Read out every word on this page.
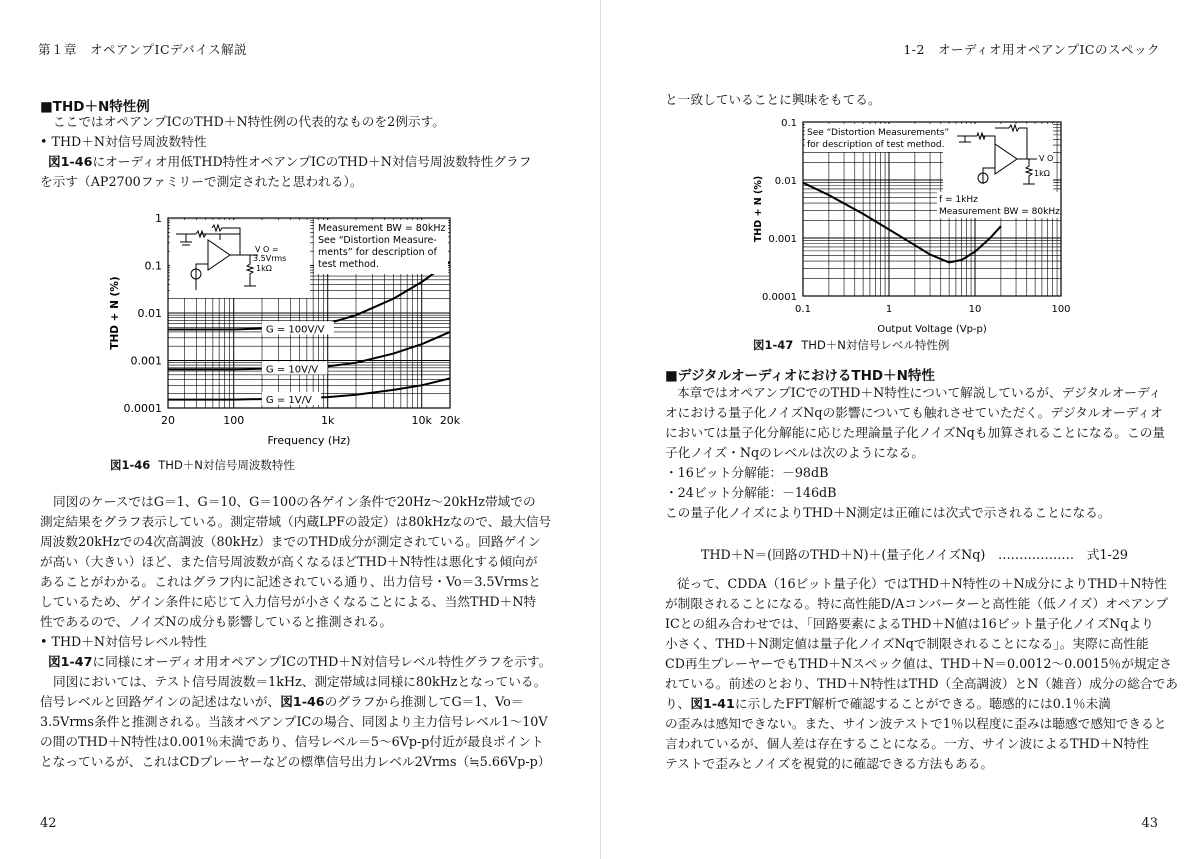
第１章　オペアンプICデバイス解説
■THD＋N特性例
ここではオペアンプICのTHD＋N特性例の代表的なものを2例示す。
• THD＋N対信号周波数特性
図1-46にオーディオ用低THD特性オペアンプICのTHD＋N対信号周波数特性グラフ
を示す（AP2700ファミリーで測定されたと思われる）。
V O =
3.5Vrms
1kΩ
Measurement BW = 80kHz
See “Distortion Measure-
ments” for description of
test method.
G = 100V/V
G = 10V/V
G = 1V/V
20	100	1k	10k 20k
1
0.1
0.01
0.001
0.0001
Frequency (Hz)
THD + N (%)
図1-46 THD＋N対信号周波数特性
同図のケースではG＝1、G＝10、G＝100の各ゲイン条件で20Hz～20kHz帯域での
測定結果をグラフ表示している。測定帯域（内蔵LPFの設定）は80kHzなので、最大信号
周波数20kHzでの4次高調波（80kHz）までのTHD成分が測定されている。回路ゲイン
が高い（大きい）ほど、また信号周波数が高くなるほどTHD＋N特性は悪化する傾向が
あることがわかる。これはグラフ内に記述されている通り、出力信号・Vo＝3.5Vrmsと
しているため、ゲイン条件に応じて入力信号が小さくなることによる、当然THD＋N特
性であるので、ノイズNの成分も影響していると推測される。
• THD＋N対信号レベル特性
図1-47に同様にオーディオ用オペアンプICのTHD＋N対信号レベル特性グラフを示す。
同図においては、テスト信号周波数＝1kHz、測定帯域は同様に80kHzとなっている。
信号レベルと回路ゲインの記述はないが、図1-46のグラフから推測してG＝1、Vo＝
3.5Vrms条件と推測される。当該オペアンプICの場合、同図より主力信号レベル1～10V
の間のTHD＋N特性は0.001％未満であり、信号レベル＝5～6Vp-p付近が最良ポイント
となっているが、これはCDプレーヤーなどの標準信号出力レベル2Vrms（≒5.66Vp-p）
42
1-2　オーディオ用オペアンプICのスペック
と一致していることに興味をもてる。
See “Distortion Measurements”
for description of test method.
V O
1kΩ
f = 1kHz
Measurement BW = 80kHz
0.1	1	10	100
0.1
0.01
0.001
0.0001
Output Voltage (Vp-p)
THD + N (%)
図1-47 THD＋N対信号レベル特性例
■デジタルオーディオにおけるTHD＋N特性
本章ではオペアンプICでのTHD＋N特性について解説しているが、デジタルオーディ
オにおける量子化ノイズNqの影響についても触れさせていただく。デジタルオーディオ
においては量子化分解能に応じた理論量子化ノイズNqも加算されることになる。この量
子化ノイズ・Nqのレベルは次のようになる。
・16ビット分解能：－98dB
・24ビット分解能：－146dB
この量子化ノイズによりTHD＋N測定は正確には次式で示されることになる。
THD＋N＝(回路のTHD＋N)＋(量子化ノイズNq)　………………　式1-29
従って、CDDA（16ビット量子化）ではTHD＋N特性の＋N成分によりTHD＋N特性
が制限されることになる。特に高性能D/Aコンバーターと高性能（低ノイズ）オペアンプ
ICとの組み合わせでは、「回路要素によるTHD＋N値は16ビット量子化ノイズNqより
小さく、THD＋N測定値は量子化ノイズNqで制限されることになる」。実際に高性能
CD再生プレーヤーでもTHD＋Nスペック値は、THD＋N＝0.0012～0.0015％が規定さ
れている。前述のとおり、THD＋N特性はTHD（全高調波）とN（雑音）成分の総合であ
り、図1-41に示したFFT解析で確認することができる。聴感的には0.1％未満
の歪みは感知できない。また、サイン波テストで1％以程度に歪みは聴感で感知できると
言われているが、個人差は存在することになる。一方、サイン波によるTHD＋N特性
テストで歪みとノイズを視覚的に確認できる方法もある。
43
